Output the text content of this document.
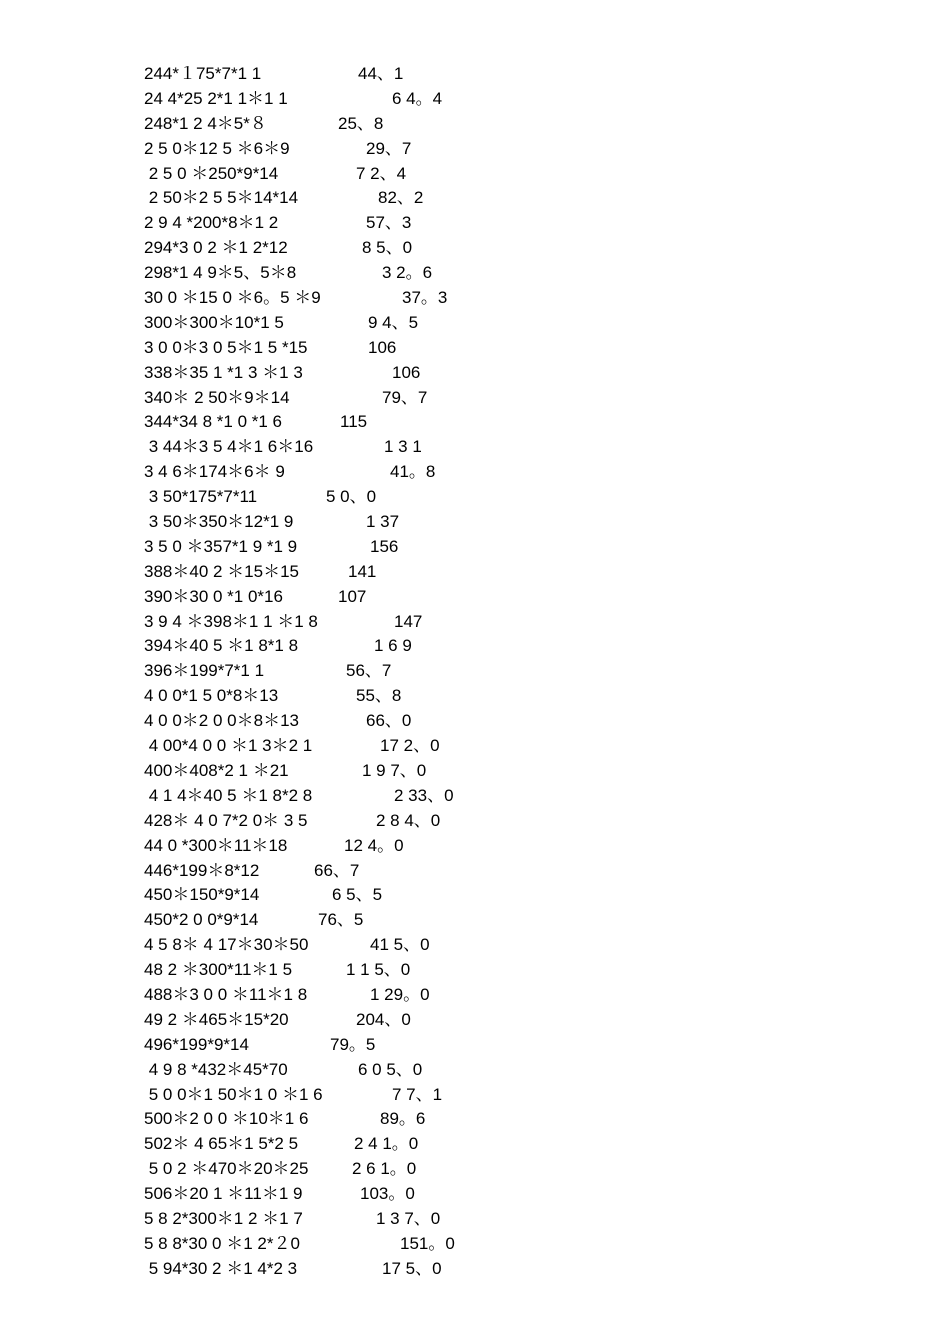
244*１75*7*1 1	44、1
24 4*25 2*1 1＊1 1	6 4。4
248*1 2 4＊5*８	25、8
2 5 0＊12 5 ＊6＊9	29、7
2 5 0 ＊250*9*14	7 2、4
2 50＊2 5 5＊14*14	82、2
2 9 4 *200*8＊1 2	57、3
294*3 0 2 ＊1 2*12	8 5、0
298*1 4 9＊5、5＊8	3 2。6
30 0 ＊15 0 ＊6。5 ＊9	37。3
300＊300＊10*1 5	9 4、5
3 0 0＊3 0 5＊1 5 *15	106
338＊35 1 *1 3 ＊1 3	106
340＊ 2 50＊9＊14	79、7
344*34 8 *1 0 *1 6	115
3 44＊3 5 4＊1 6＊16	1 3 1
3 4 6＊174＊6＊ 9	41。8
3 50*175*7*11	5 0、0
3 50＊350＊12*1 9	1 37
3 5 0 ＊357*1 9 *1 9	156
388＊40 2 ＊15＊15	141
390＊30 0 *1 0*16	107
3 9 4 ＊398＊1 1 ＊1 8	147
394＊40 5 ＊1 8*1 8	1 6 9
396＊199*7*1 1	56、7
4 0 0*1 5 0*8＊13	55、8
4 0 0＊2 0 0＊8＊13	66、0
4 00*4 0 0 ＊1 3＊2 1	17 2、0
400＊408*2 1 ＊21	1 9 7、0
4 1 4＊40 5 ＊1 8*2 8	2 33、0
428＊ 4 0 7*2 0＊ 3 5	2 8 4、0
44 0 *300＊11＊18	12 4。0
446*199＊8*12	66、7
450＊150*9*14	6 5、5
450*2 0 0*9*14	76、5
4 5 8＊ 4 17＊30＊50	41 5、0
48 2 ＊300*11＊1 5	1 1 5、0
488＊3 0 0 ＊11＊1 8	1 29。0
49 2 ＊465＊15*20	204、0
496*199*9*14	79。5
4 9 8 *432＊45*70	6 0 5、0
5 0 0＊1 50＊1 0 ＊1 6	7 7、1
500＊2 0 0 ＊10＊1 6	89。6
502＊ 4 65＊1 5*2 5	2 4 1。0
5 0 2 ＊470＊20＊25	2 6 1。0
506＊20 1 ＊11＊1 9	103。0
5 8 2*300＊1 2 ＊1 7	1 3 7、0
5 8 8*30 0 ＊1 2*２0	151。0
5 94*30 2 ＊1 4*2 3	17 5、0
